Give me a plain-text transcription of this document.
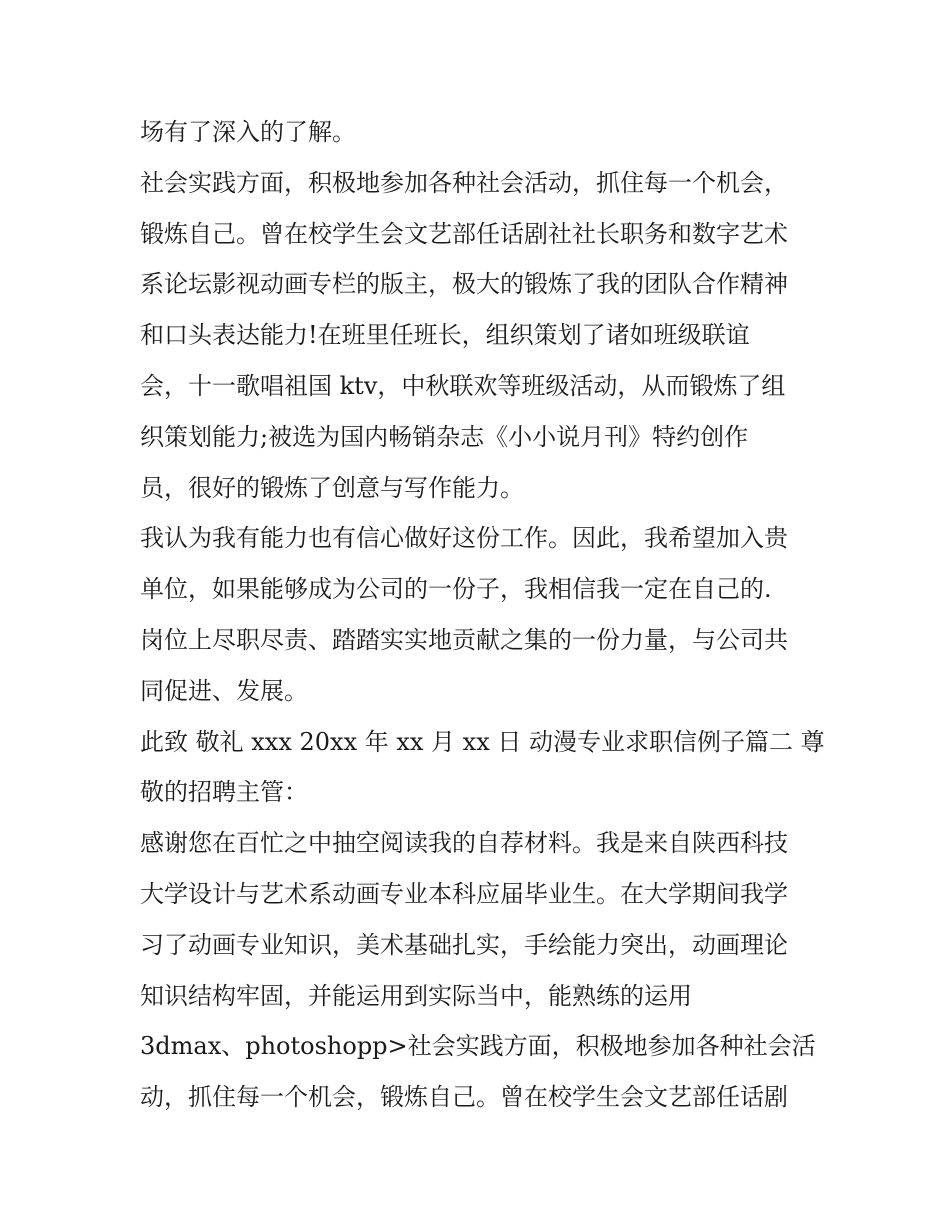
场有了深入的了解。
社会实践方面，积极地参加各种社会活动，抓住每一个机会，
锻炼自己。曾在校学生会文艺部任话剧社社长职务和数字艺术
系论坛影视动画专栏的版主，极大的锻炼了我的团队合作精神
和口头表达能力!在班里任班长，组织策划了诸如班级联谊
会，十一歌唱祖国 ktv，中秋联欢等班级活动，从而锻炼了组
织策划能力;被选为国内畅销杂志《小小说月刊》特约创作
员，很好的锻炼了创意与写作能力。
我认为我有能力也有信心做好这份工作。因此，我希望加入贵
单位，如果能够成为公司的一份子，我相信我一定在自己的.
岗位上尽职尽责、踏踏实实地贡献之集的一份力量，与公司共
同促进、发展。
此致 敬礼 xxx 20xx 年 xx 月 xx 日 动漫专业求职信例子篇二 尊
敬的招聘主管：
感谢您在百忙之中抽空阅读我的自荐材料。我是来自陕西科技
大学设计与艺术系动画专业本科应届毕业生。在大学期间我学
习了动画专业知识，美术基础扎实，手绘能力突出，动画理论
知识结构牢固，并能运用到实际当中，能熟练的运用
3dmax、photoshopp>社会实践方面，积极地参加各种社会活
动，抓住每一个机会，锻炼自己。曾在校学生会文艺部任话剧
